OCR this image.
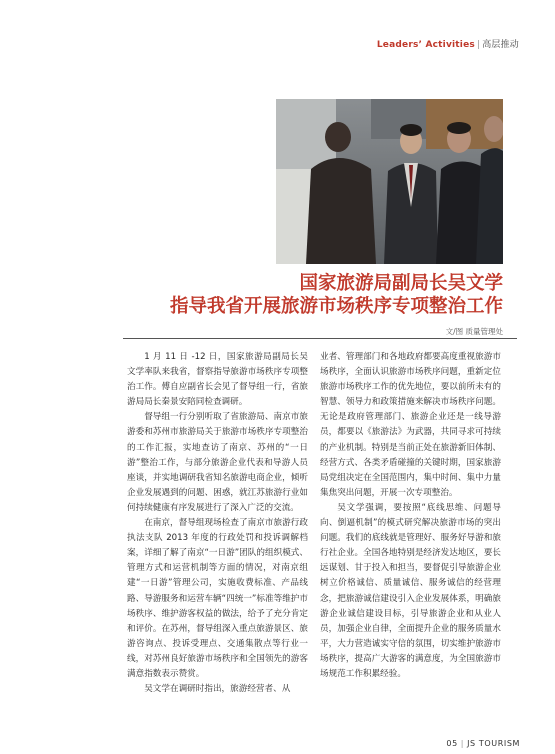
Leaders’ Activities | 高层推动
国家旅游局副局长吴文学
指导我省开展旅游市场秩序专项整治工作
文/图 质量管理处

1 月 11 日 -12 日，国家旅游局副局长吴文学率队来我省，督察指导旅游市场秩序专项整治工作。傅自应副省长会见了督导组一行，省旅游局局长秦景安陪同检查调研。

督导组一行分别听取了省旅游局、南京市旅游委和苏州市旅游局关于旅游市场秩序专项整治的工作汇报，实地查访了南京、苏州的“一日游”整治工作，与部分旅游企业代表和导游人员座谈，并实地调研我省知名旅游电商企业，倾听企业发展遇到的问题、困惑，就江苏旅游行业如何持续健康有序发展进行了深入广泛的交流。

在南京，督导组现场检查了南京市旅游行政执法支队 2013 年度的行政处罚和投诉调解档案，详细了解了南京“一日游”团队的组织模式、管理方式和运营机制等方面的情况，对南京组建“一日游”管理公司，实施收费标准、产品线路、导游服务和运营车辆“四统一”标准等维护市场秩序、维护游客权益的做法，给予了充分肯定和评价。在苏州，督导组深入重点旅游景区、旅游咨询点、投诉受理点、交通集散点等行业一线，对苏州良好旅游市场秩序和全国领先的游客满意指数表示赞赏。

吴文学在调研时指出，旅游经营者、从

业者、管理部门和各地政府都要高度重视旅游市场秩序，全面认识旅游市场秩序问题，重新定位旅游市场秩序工作的优先地位，要以前所未有的智慧、领导力和政策措施来解决市场秩序问题。无论是政府管理部门、旅游企业还是一线导游员，都要以《旅游法》为武器，共同寻求可持续的产业机制。特别是当前正处在旅游新旧体制、经营方式、各类矛盾碰撞的关键时期，国家旅游局党组决定在全国范围内，集中时间、集中力量集焦突出问题，开展一次专项整治。

吴文学强调，要按照“底线思维、问题导向、倒逼机制”的模式研究解决旅游市场的突出问题。我们的底线就是管理好、服务好导游和旅行社企业。全国各地特别是经济发达地区，要长远谋划、甘于投入和担当，要督促引导旅游企业树立价格诚信、质量诚信、服务诚信的经营理念，把旅游诚信建设引入企业发展体系，明确旅游企业诚信建设目标，引导旅游企业和从业人员，加强企业自律，全面提升企业的服务质量水平，大力营造诚实守信的氛围，切实维护旅游市场秩序，提高广大游客的满意度，为全国旅游市场规范工作积累经验。

05 | JS TOURISM
